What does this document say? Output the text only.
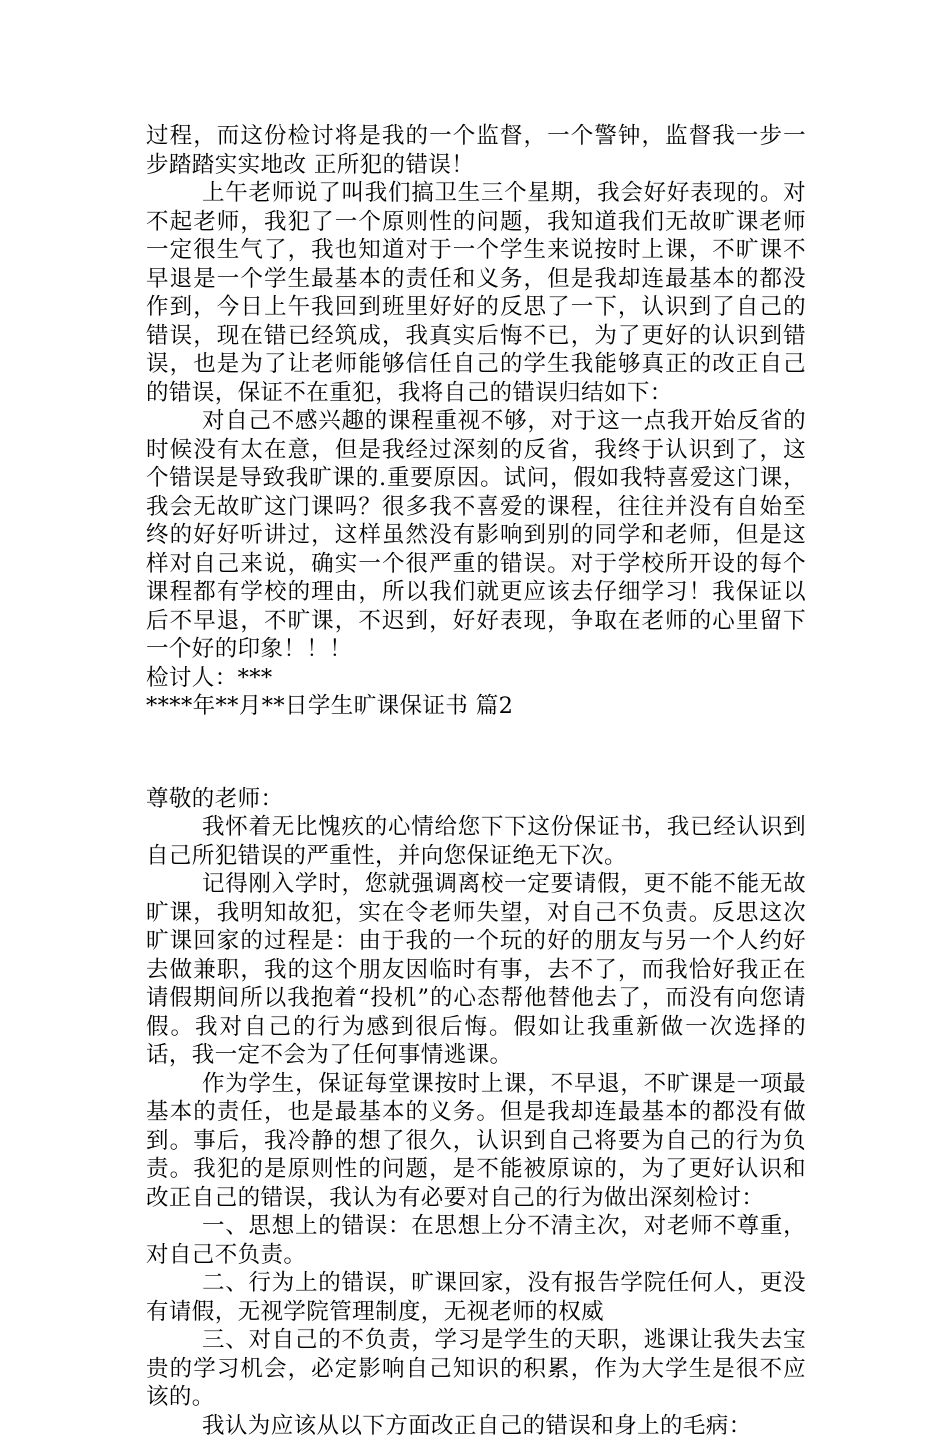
过程，而这份检讨将是我的一个监督，一个警钟，监督我一步一步踏踏实实地改 正所犯的错误！

上午老师说了叫我们搞卫生三个星期，我会好好表现的。对不起老师，我犯了一个原则性的问题，我知道我们无故旷课老师一定很生气了，我也知道对于一个学生来说按时上课，不旷课不早退是一个学生最基本的责任和义务，但是我却连最基本的都没作到，今日上午我回到班里好好的反思了一下，认识到了自己的错误，现在错已经筑成，我真实后悔不已，为了更好的认识到错误，也是为了让老师能够信任自己的学生我能够真正的改正自己的错误，保证不在重犯，我将自己的错误归结如下：

对自己不感兴趣的课程重视不够，对于这一点我开始反省的时候没有太在意，但是我经过深刻的反省，我终于认识到了，这个错误是导致我旷课的.重要原因。试问，假如我特喜爱这门课，我会无故旷这门课吗？很多我不喜爱的课程，往往并没有自始至终的好好听讲过，这样虽然没有影响到别的同学和老师，但是这样对自己来说，确实一个很严重的错误。对于学校所开设的每个课程都有学校的理由，所以我们就更应该去仔细学习！我保证以后不早退，不旷课，不迟到，好好表现，争取在老师的心里留下一个好的印象！！！

检讨人：***

****年**月**日学生旷课保证书 篇2

尊敬的老师：

我怀着无比愧疚的心情给您下下这份保证书，我已经认识到自己所犯错误的严重性，并向您保证绝无下次。

记得刚入学时，您就强调离校一定要请假，更不能不能无故旷课，我明知故犯，实在令老师失望，对自己不负责。反思这次旷课回家的过程是：由于我的一个玩的好的朋友与另一个人约好去做兼职，我的这个朋友因临时有事，去不了，而我恰好我正在请假期间所以我抱着“投机”的心态帮他替他去了，而没有向您请假。我对自己的行为感到很后悔。假如让我重新做一次选择的话，我一定不会为了任何事情逃课。

作为学生，保证每堂课按时上课，不早退，不旷课是一项最基本的责任，也是最基本的义务。但是我却连最基本的都没有做到。事后，我冷静的想了很久，认识到自己将要为自己的行为负责。我犯的是原则性的问题，是不能被原谅的，为了更好认识和改正自己的错误，我认为有必要对自己的行为做出深刻检讨：

一、思想上的错误：在思想上分不清主次，对老师不尊重，对自己不负责。

二、行为上的错误，旷课回家，没有报告学院任何人，更没有请假，无视学院管理制度，无视老师的权威

三、对自己的不负责，学习是学生的天职，逃课让我失去宝贵的学习机会，必定影响自己知识的积累，作为大学生是很不应该的。

我认为应该从以下方面改正自己的错误和身上的毛病：
